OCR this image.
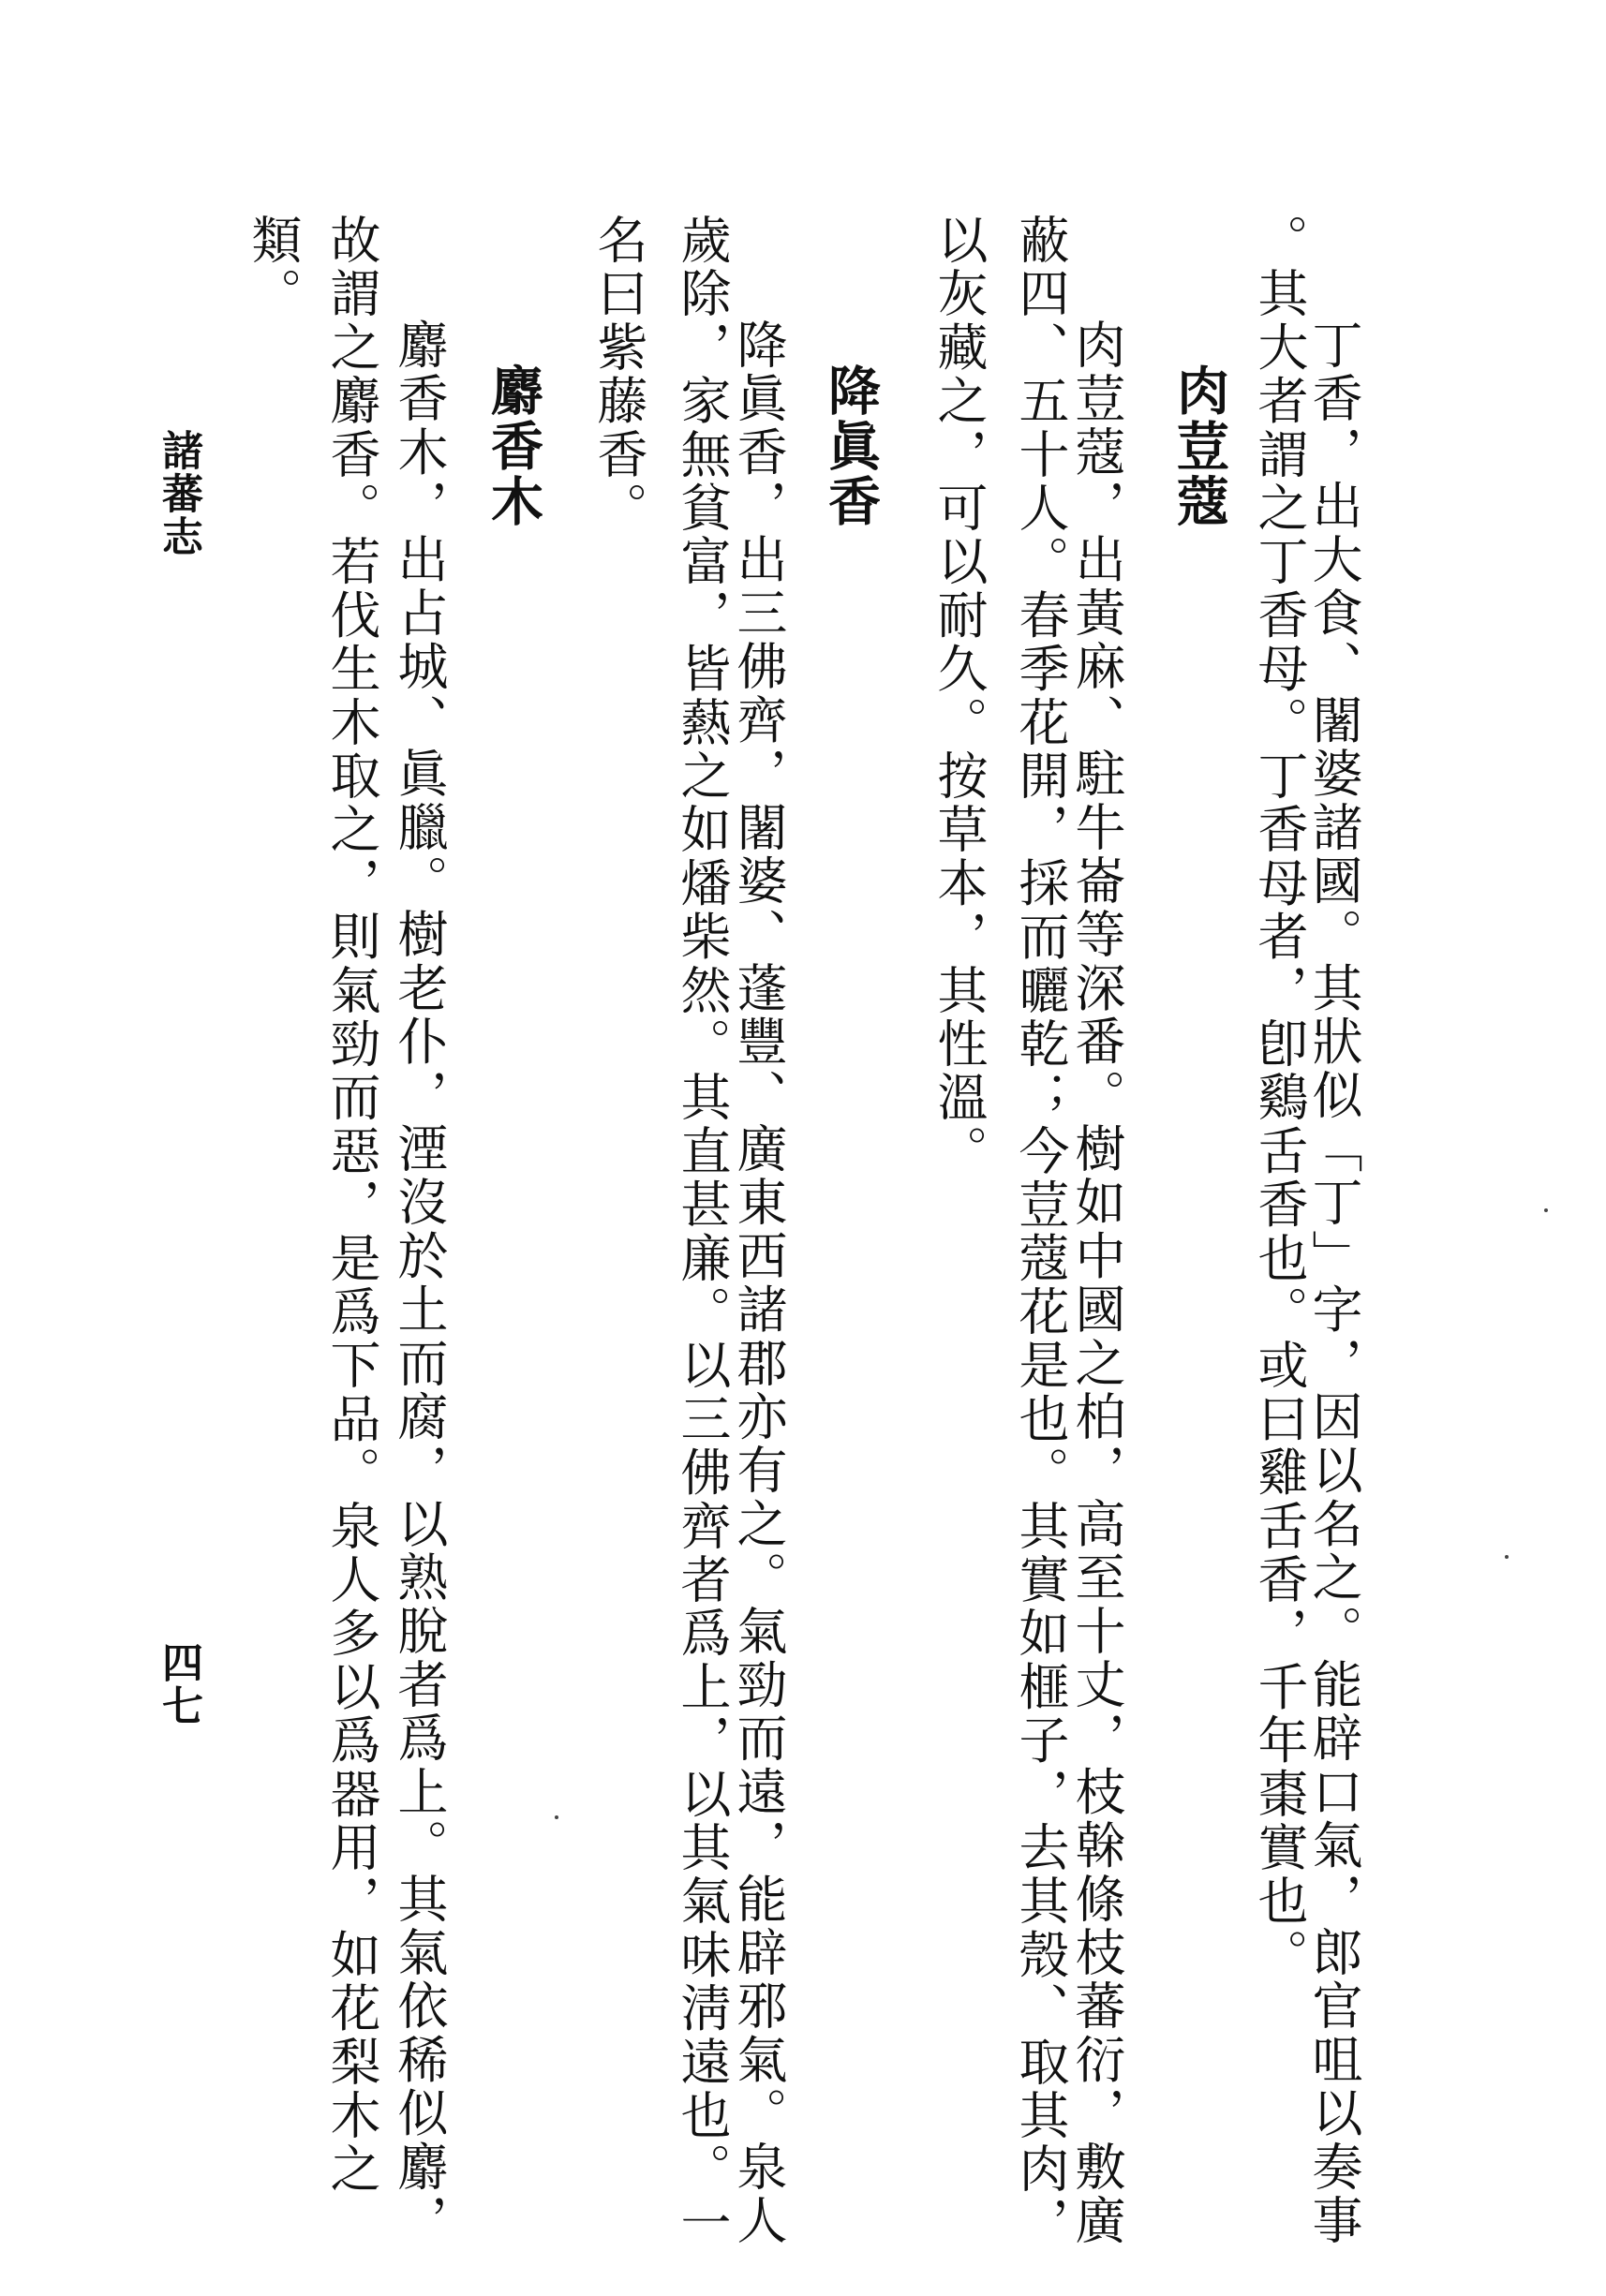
丁香，出大食、闍婆諸國。其狀似「丁」字，因以名之。能辟口氣，郎官咀以奏事

。其大者謂之丁香母。丁香母者，卽鷄舌香也。或曰雞舌香，千年棗實也。

肉荳蔻

肉荳蔻，出黃麻、駐牛崙等深番。樹如中國之柏，高至十丈，枝榦條枝蕃衍，敷廣

蔽四、五十人。春季花開，採而曬乾；今荳蔻花是也。其實如榧子，去其殼、取其肉，

以灰藏之，可以耐久。按草本，其性溫。

降眞香

降眞香，出三佛齊，闍婆、蓬豐、廣東西諸郡亦有之。氣勁而遠，能辟邪氣。泉人

歲除，家無貧富，皆爇之如燔柴然。其直甚廉。以三佛齊者爲上，以其氣味淸遠也。一

名曰紫藤香。

麝香木

麝香木，出占城、眞臘。樹老仆，湮沒於土而腐，以熟脫者爲上。其氣依稀似麝，

故謂之麝香。若伐生木取之，則氣勁而惡，是爲下品。泉人多以爲器用，如花梨木之

類。

諸蕃志
四七
